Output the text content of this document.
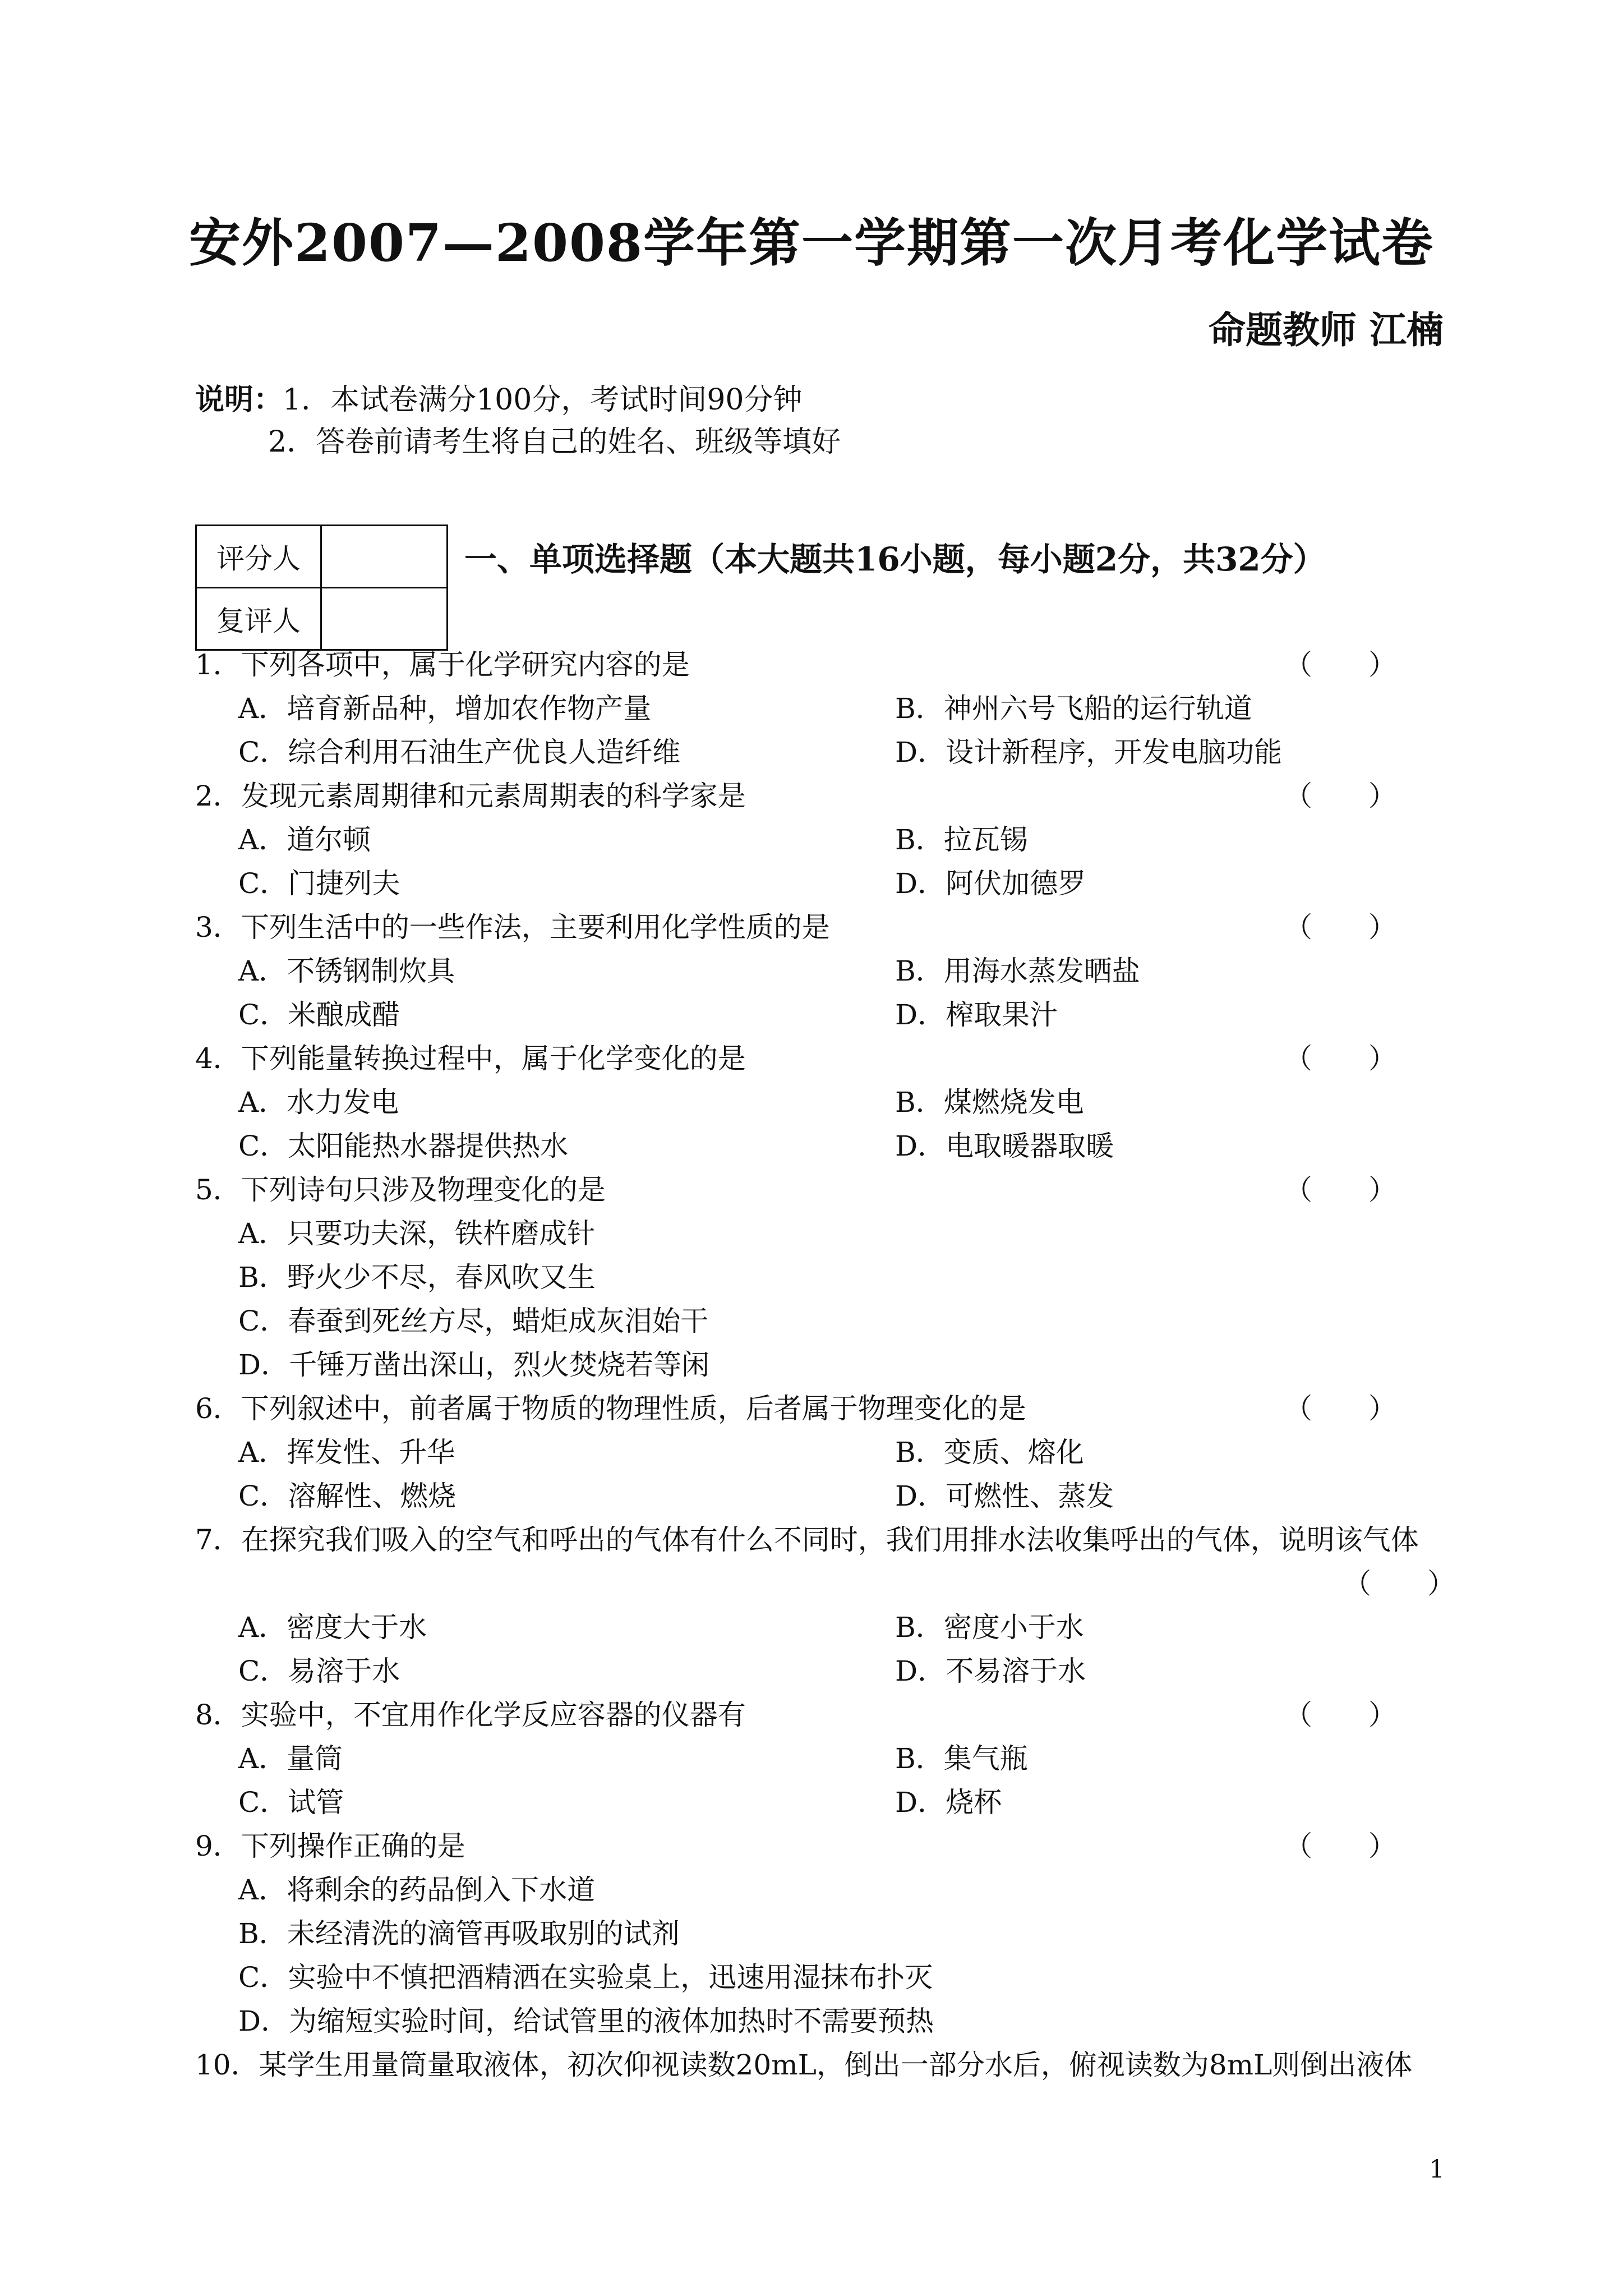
安外2007—2008学年第一学期第一次月考化学试卷
命题教师 江楠
说明：1．本试卷满分100分，考试时间90分钟
2．答卷前请考生将自己的姓名、班级等填好
评分人	
复评人	
一、单项选择题（本大题共16小题，每小题2分，共32分）
1．下列各项中，属于化学研究内容的是	（　　）
A．培育新品种，增加农作物产量	B．神州六号飞船的运行轨道
C．综合利用石油生产优良人造纤维	D．设计新程序，开发电脑功能
2．发现元素周期律和元素周期表的科学家是	（　　）
A．道尔顿	B．拉瓦锡
C．门捷列夫	D．阿伏加德罗
3．下列生活中的一些作法，主要利用化学性质的是	（　　）
A．不锈钢制炊具	B．用海水蒸发晒盐
C．米酿成醋	D．榨取果汁
4．下列能量转换过程中，属于化学变化的是	（　　）
A．水力发电	B．煤燃烧发电
C．太阳能热水器提供热水	D．电取暖器取暖
5．下列诗句只涉及物理变化的是	（　　）
A．只要功夫深，铁杵磨成针
B．野火少不尽，春风吹又生
C．春蚕到死丝方尽，蜡炬成灰泪始干
D．千锤万凿出深山，烈火焚烧若等闲
6．下列叙述中，前者属于物质的物理性质，后者属于物理变化的是	（　　）
A．挥发性、升华	B．变质、熔化
C．溶解性、燃烧	D．可燃性、蒸发
7．在探究我们吸入的空气和呼出的气体有什么不同时，我们用排水法收集呼出的气体，说明该气体
（　　）
A．密度大于水	B．密度小于水
C．易溶于水	D．不易溶于水
8．实验中，不宜用作化学反应容器的仪器有	（　　）
A．量筒	B．集气瓶
C．试管	D．烧杯
9．下列操作正确的是	（　　）
A．将剩余的药品倒入下水道
B．未经清洗的滴管再吸取别的试剂
C．实验中不慎把酒精洒在实验桌上，迅速用湿抹布扑灭
D．为缩短实验时间，给试管里的液体加热时不需要预热
10．某学生用量筒量取液体，初次仰视读数20mL，倒出一部分水后，俯视读数为8mL则倒出液体
1
